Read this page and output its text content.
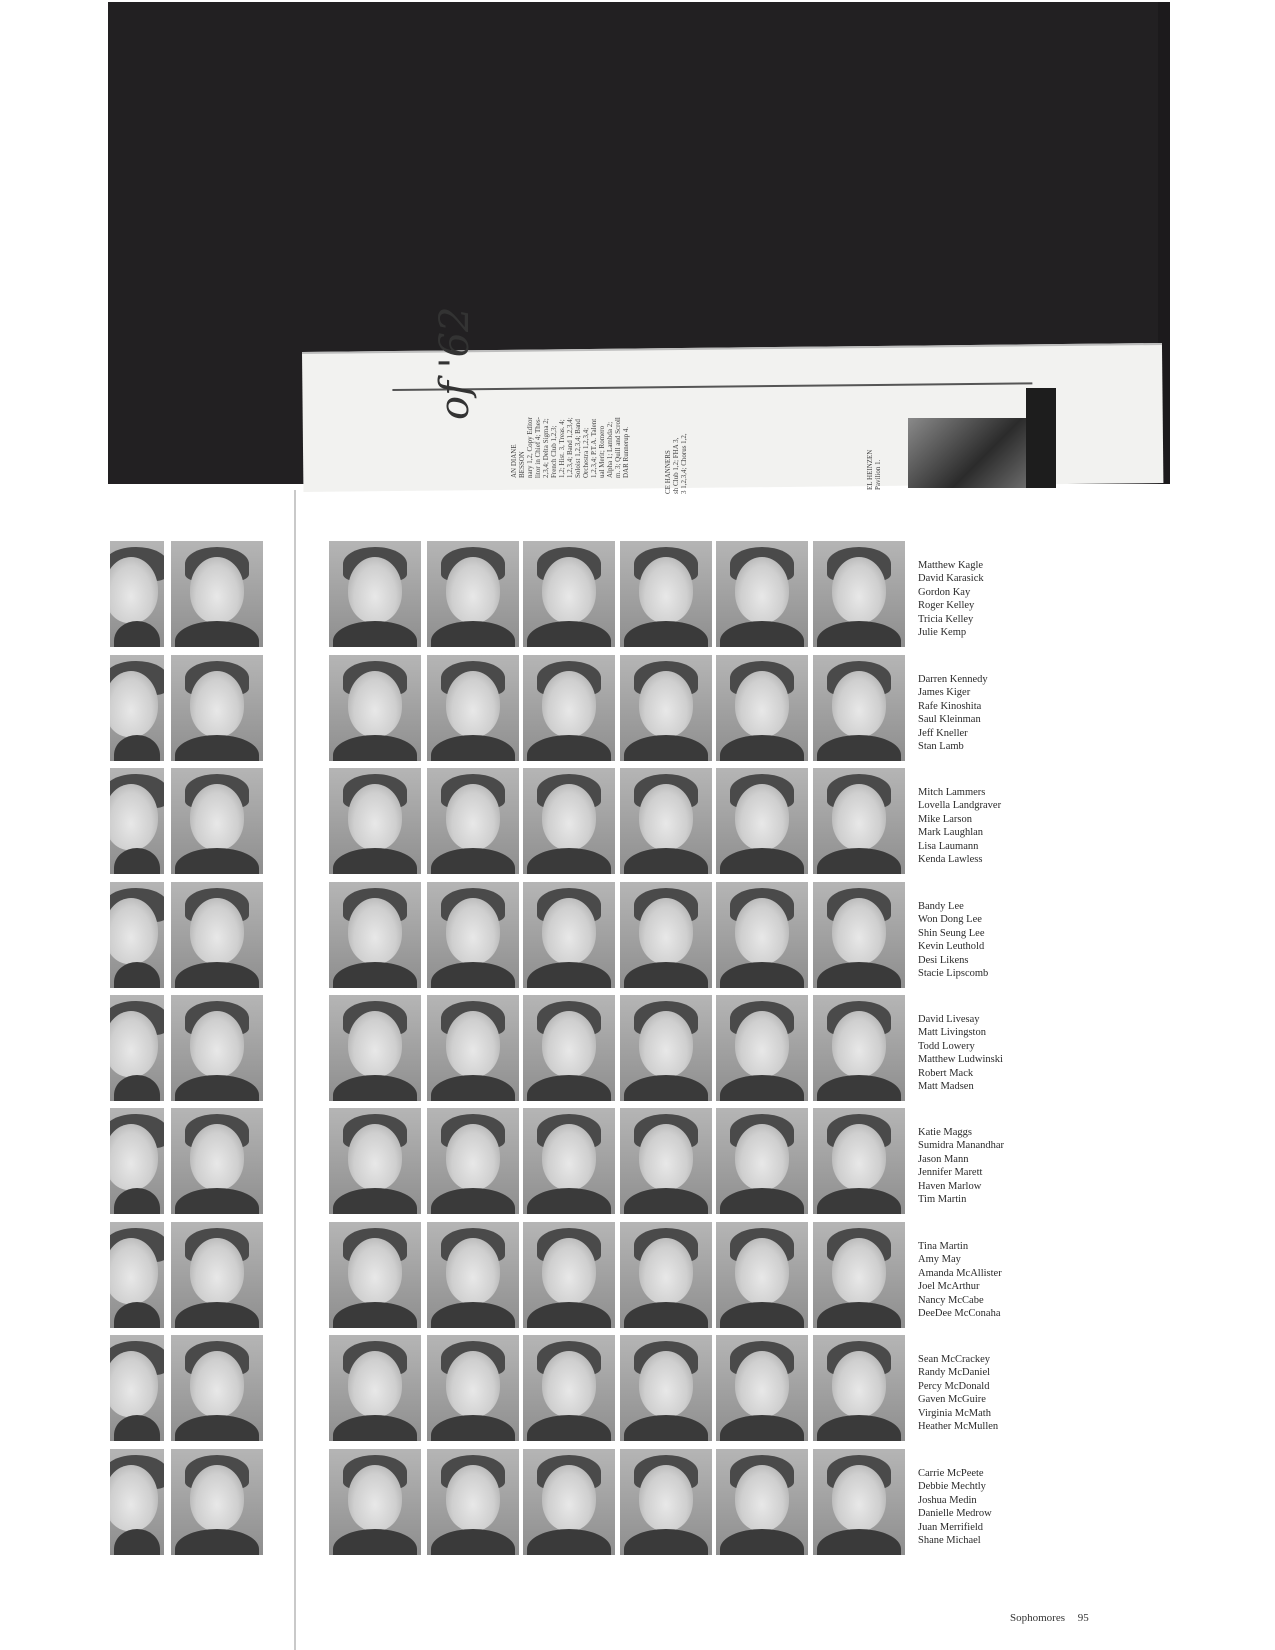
of '62
AN DIANE BESSON nary 1,2, Copy Editor litor in Chief 4; Thes- 2,3,4; Delta Sigma 2; French Club 1,2,3; 1,2; Hist. 3, Treas. 4; 1,2,3,4; Band 1,2,3,4; Soloist 1,2,3,4; Band Orchestra 1,2,3,4; 1,2,3,4; P.T.A. Talent ual Merit; Romero Alpha 1; Lambda 2; m. 3; Quill and Scroll DAR Runnerup 4.	CE HANNERS sh Club 1,2; FHA 3, 3 1,2,3,4; Chorus 1,2,	EL HEINZEN Pavilion 1.
Matthew Kagle
David Karasick
Gordon Kay
Roger Kelley
Tricia Kelley
Julie Kemp
Darren Kennedy
James Kiger
Rafe Kinoshita
Saul Kleinman
Jeff Kneller
Stan Lamb
Mitch Lammers
Lovella Landgraver
Mike Larson
Mark Laughlan
Lisa Laumann
Kenda Lawless
Bandy Lee
Won Dong Lee
Shin Seung Lee
Kevin Leuthold
Desi Likens
Stacie Lipscomb
David Livesay
Matt Livingston
Todd Lowery
Matthew Ludwinski
Robert Mack
Matt Madsen
Katie Maggs
Sumidra Manandhar
Jason Mann
Jennifer Marett
Haven Marlow
Tim Martin
Tina Martin
Amy May
Amanda McAllister
Joel McArthur
Nancy McCabe
DeeDee McConaha
Sean McCrackey
Randy McDaniel
Percy McDonald
Gaven McGuire
Virginia McMath
Heather McMullen
Carrie McPeete
Debbie Mechtly
Joshua Medin
Danielle Medrow
Juan Merrifield
Shane Michael
Sophomores 95
